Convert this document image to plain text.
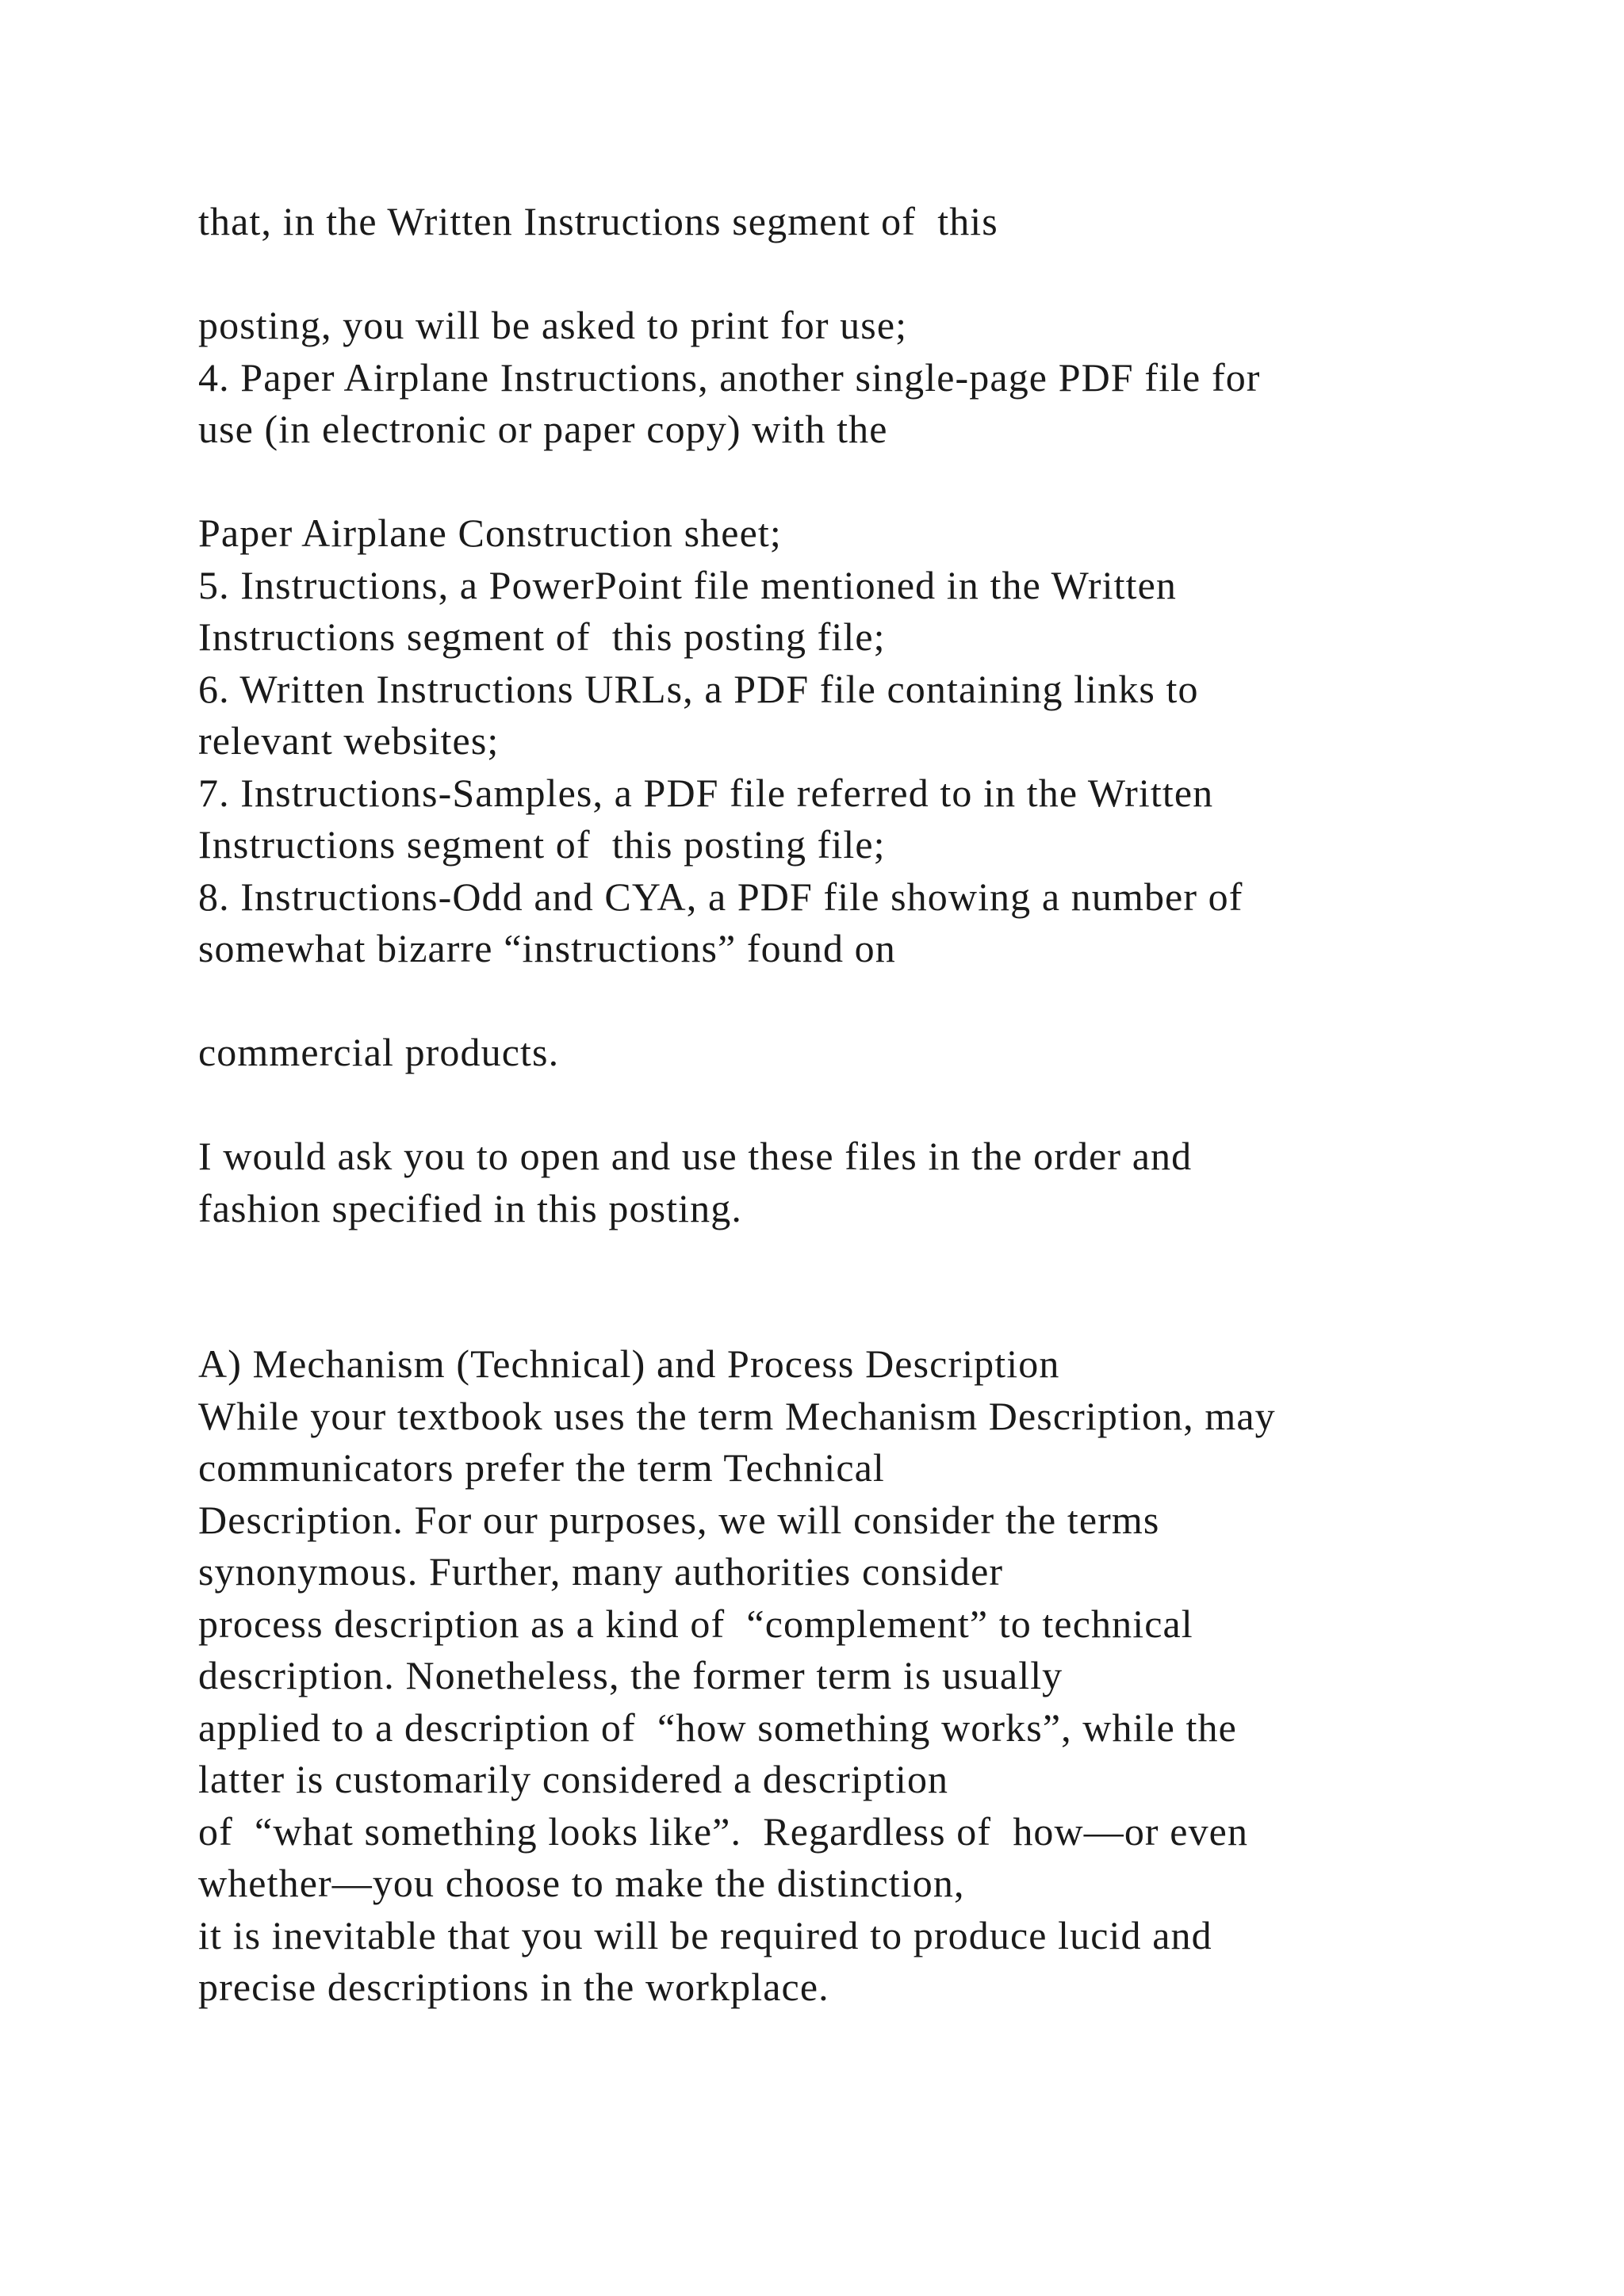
that, in the Written Instructions segment of  this
posting, you will be asked to print for use;
4. Paper Airplane Instructions, another single-page PDF file for
use (in electronic or paper copy) with the
Paper Airplane Construction sheet;
5. Instructions, a PowerPoint file mentioned in the Written
Instructions segment of  this posting file;
6. Written Instructions URLs, a PDF file containing links to
relevant websites;
7. Instructions-Samples, a PDF file referred to in the Written
Instructions segment of  this posting file;
8. Instructions-Odd and CYA, a PDF file showing a number of
somewhat bizarre “instructions” found on
commercial products.
I would ask you to open and use these files in the order and
fashion specified in this posting.
A) Mechanism (Technical) and Process Description
While your textbook uses the term Mechanism Description, may
communicators prefer the term Technical
Description. For our purposes, we will consider the terms
synonymous. Further, many authorities consider
process description as a kind of  “complement” to technical
description. Nonetheless, the former term is usually
applied to a description of  “how something works”, while the
latter is customarily considered a description
of  “what something looks like”.  Regardless of  how—or even
whether—you choose to make the distinction,
it is inevitable that you will be required to produce lucid and
precise descriptions in the workplace.
